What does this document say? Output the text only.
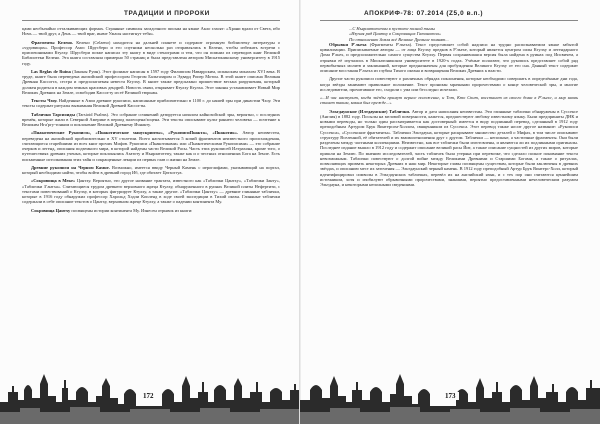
ТРАДИЦИИ И ПРОРОКИ

цами необычайно отталкивающих формах. Странные символы загадочного письма на языке Акло гласят: «Храни вдали от Света, ибо Ночь — твой друг, а День — твой враг, иначе Ужасы настигнут тебя».

Фрагменты Келено. Келено (Celaeno) находится на дальней планете и содержит огромную библиотеку литературы о «чудовищах». Профессор Амос Шрусбери и его спутники несколько раз отправлялись в Келено, чтобы избежать встречи с приспешниками Ктулху. Шрусбери позже написал эту книгу в виде стенограмм и тем, что он помнил из переводов книг Великой Библиотеки Келено. Эта книга составляла примерно 50 страниц и была представлена автором Мискатоникскому университету в 1915 году.

Las Reglas de Ruina (Законы Руин). Этот фолиант написан в 1597 году Филиппом Наваррским, испанским монахом XVI века. В труде, книге была переведена английский профессором Георгом Бальтазаром и Эдвард Ропер Мотон. В этой книге описана Великая Древняя Кассогта, сестра и предполагаемая невеста Ктулху. В книге также предсказано пришествие весьма разрушения, который должен родиться в каждом земных красивых дендрей. Новость связи, открывает Ктулху Ктулха. Этот законы устанавливает Новый Мир Великих Древних на Земле, освободив Кассогту из её Великой тюрьмы.

Тексты Чхоу. Найденные в Азии древние рукописи, написанные приблизительно в 1100 г. до нашей эры при династии Чхоу. Эти тексты содержат ритуалы вызывания Великой Древней Кассогты.

Таблички Тарсиоиды (Tarsioid Psalms). Это собрание сочинений датируется началом кайнозойской эры, вероятно, с последних времён, которые жили в Северной Америке в период палеоцена/эоцена. Эти тексты описывают культ раннего человека — почтение к Великим Нга'ргу-тонким и поклонение Великой Древнему Ичнакту.

«Пнакотические Рукописи», «Пнакотические манускрипты», «РукописиПнакта», «Пнакотик». Автор неизвестен, переведена на английский приблизительно в XV столетии. Всего насчитывается 5 копий фрагментов неизвестного происхождения, считающиеся старейшими из всех книг прочих Мифов. Рукописи «Пнакотиками» или «Пнакотическими Рукописями» — это собрание очерков и легенд, описания подземного мира, в которой найдены части Великой Расы. Часть этих рукописей Илтрахона, кроме того, о путешествиях древних ученых, которые поклонялись Азатоту и Ньярлатотепу, также как и о честных отношениях Бога на Земле. Есть письменные истолкования этих тайн и сокращенные лекции из первых глав о жизни на Земле.

Древние рукописи на Черном Камне. Возможно, имеется ввиду Черный Камень с иероглифами, указывающий на портал, который необходимо найти, чтобы войти в древний город Иб, где обитает Цатхоггуа.

«Сокровища в Меке» Цантху. Вероятно, это другое название трактата, известного как «Таблички Цантху», «Таблички Занту», «Таблички Зʼантха». Считающиеся трудом древнего верховного жреца Ктулху, обнаруженного в руинах Великой плиты Нефертити, с текстами повествований о Ктулху, в которых фигурирует Ктулху, а также другие. «Таблички Цантху» — древние глиняные таблички, которые в 1916 году обнаружил профессор Харольд Хэдли Копленд в ходе своей экспедиции в Тихий океан. Глиняные таблички содержали в себе описание текстов о Цантху, верховном жреце Ктулху, а также о падении континента Му.

Сокровища Цантху посвящены истории континента Му. Изнесен отрывок из книги:

172
АПОКРИФ-78: 07.2014 (Z5,0 в.п.)

...С Ньярлатотепом в пустоте полной тьмы

«Изучая ряд Цантху в Сокровищах Гатанотоа»

По отношению Земля всё Великие Древние помнят...

Обрывки Р'льеха (Фрагменты Р'льеха). Текст представляет собой надписи на трудно распознаваемом языке забытой цивилизации. Приписываемые авторы — от лица Ктулху предков в Р'льехе, который является центром силы Ктулху и легендарного Дома Р'льех, и предположительно самого существа Ктулху. Первая сохранившаяся версия была найдена в руинах под Ипсвичем, а отрывки её изучались в Мискатоникском университете в 1920-х годах. Учёные полагают, что рукопись представляет собой ряд первобытных молитв и заклинаний, которые предназначены для пробуждения Великого Ктулху от его сна. Данный текст содержит описание восстания Р'льеха из глубин Тихого океана и возвращения Великих Древних к власти.

Другие части рукописи повествуют о различных обрядах поклонения, которые необходимо совершать в определённые дни года, когда звёзды занимают правильное положение. Текст пронизан мрачными пророчествами о конце человеческой эры, и многие исследователи, прочитавшие его, сходили с ума или бесследно исчезали.

«...И час наступит, когда звёзды примут верное положение, и Тот, Кто Спит, восстанет из своего дома в Р'льехе, и мир вновь станет таким, каким был прежде...»

Эльтдаунские (Илтдаунские) Таблички. Автор и дата написания неизвестны. Эти глиняные таблички обнаружены в Суссексе (Англия) в 1882 году. Посылы на меловой поверхности, кажется, предшествуют любому известному языку. Были предприняты ДНК и новыми переводы, но только один рассматривается как достоверный: имеется в виду подлинный перевод, сделанный в 1912 году преподобным Артуром Брук Винтерсом-Холлом, священником из Суссекса. Этот перевод также носит другое название: «Рукописи Суссекса», «Суссекские фрагменты». Таблички Эльтдауна, которые раскрывают множество деталей о Мифах, в том числе описывают структуру Вселенной, её обитателей и их взаимоотношения друг с другом. Таблички — неполные, а частичные фрагменты. Они были разделены между частными коллекциями. Неизвестно, как все таблички были изготовлены, и являются ли их подлинными оригиналы. Последнее издание вышло в 1912 году и содержит описание великой расы Йит, а также описание сущностей из других миров, которые пришли на Землю. По мнению исследователей, часть табличек была утеряна при перевозке, что сделало полное понимание текста невозможным. Таблички повествуют о долгой войне между Великими Древними и Старшими Богами, а также о ритуалах, позволяющих призвать некоторых Древних в наш мир. Некоторые главы посвящены существам, которые были заключены в древних звёздах, и описанию мест их заточения — Эльтдаунский черный камень. В 1912 году преподобный Артур Брук Винтерс-Холл, который идентифицировал символы в Эльтдаунских табличках, перевёл их на английский язык, и с тех пор они считаются ценнейшим источником, хотя и изобилуют обрывочными пророчествами, знаниями, вероятно предоставленными нечеловеческим разумом Эльтдауна, и некоторыми неполными сведениями.

173
